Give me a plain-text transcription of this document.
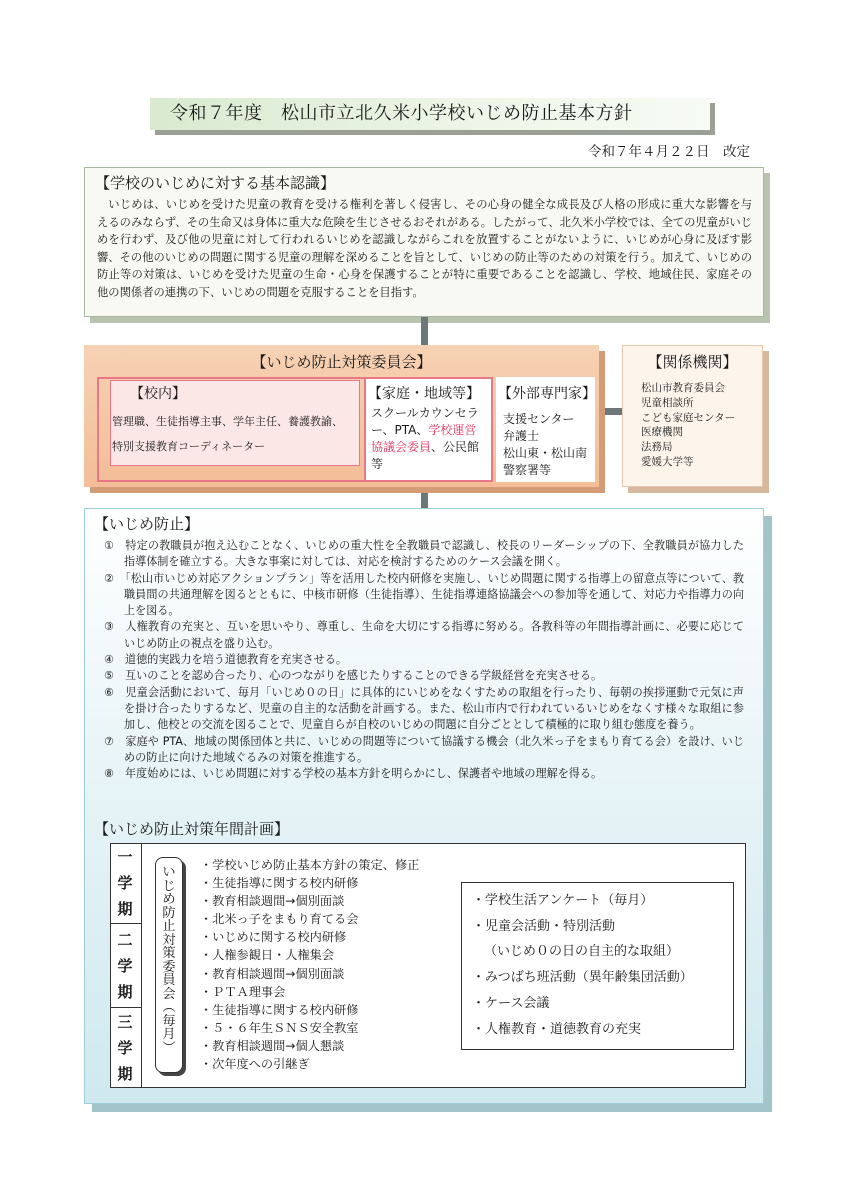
令和７年度　松山市立北久米小学校いじめ防止基本方針
令和７年４月２２日　改定
【学校のいじめに対する基本認識】
いじめは、いじめを受けた児童の教育を受ける権利を著しく侵害し、その心身の健全な成長及び人格の形成に重大な影響を与えるのみならず、その生命又は身体に重大な危険を生じさせるおそれがある。したがって、北久米小学校では、全ての児童がいじめを行わず、及び他の児童に対して行われるいじめを認識しながらこれを放置することがないように、いじめが心身に及ぼす影響、その他のいじめの問題に関する児童の理解を深めることを旨として、いじめの防止等のための対策を行う。加えて、いじめの防止等の対策は、いじめを受けた児童の生命・心身を保護することが特に重要であることを認識し、学校、地域住民、家庭その他の関係者の連携の下、いじめの問題を克服することを目指す。
【いじめ防止対策委員会】
【校内】
管理職、生徒指導主事、学年主任、養護教諭、
特別支援教育コーディネーター
【家庭・地域等】
スクールカウンセラー、PTA、学校運営協議会委員、公民館等
【外部専門家】
支援センター
弁護士
松山東・松山南警察署等
【関係機関】
松山市教育委員会
児童相談所
こども家庭センター
医療機関
法務局
愛媛大学等
【いじめ防止】
①　特定の教職員が抱え込むことなく、いじめの重大性を全教職員で認識し、校長のリーダーシップの下、全教職員が協力した指導体制を確立する。大きな事案に対しては、対応を検討するためのケース会議を開く。
②　「松山市いじめ対応アクションプラン」等を活用した校内研修を実施し、いじめ問題に関する指導上の留意点等について、教職員間の共通理解を図るとともに、中核市研修（生徒指導）、生徒指導連絡協議会への参加等を通して、対応力や指導力の向上を図る。
③　人権教育の充実と、互いを思いやり、尊重し、生命を大切にする指導に努める。各教科等の年間指導計画に、必要に応じていじめ防止の視点を盛り込む。
④　道徳的実践力を培う道徳教育を充実させる。
⑤　互いのことを認め合ったり、心のつながりを感じたりすることのできる学級経営を充実させる。
⑥　児童会活動において、毎月「いじめ０の日」に具体的にいじめをなくすための取組を行ったり、毎朝の挨拶運動で元気に声を掛け合ったりするなど、児童の自主的な活動を計画する。また、松山市内で行われているいじめをなくす様々な取組に参加し、他校との交流を図ることで、児童自らが自校のいじめの問題に自分ごととして積極的に取り組む態度を養う。
⑦　家庭や PTA、地域の関係団体と共に、いじめの問題等について協議する機会（北久米っ子をまもり育てる会）を設け、いじめの防止に向けた地域ぐるみの対策を推進する。
⑧　年度始めには、いじめ問題に対する学校の基本方針を明らかにし、保護者や地域の理解を得る。
【いじめ防止対策年間計画】
一
学
期
二
学
期
三
学
期
い
じ
め
防
止
対
策
委
員
会
︵
毎
月
︶
・学校いじめ防止基本方針の策定、修正
・生徒指導に関する校内研修
・教育相談週間→個別面談
・北米っ子をまもり育てる会
・いじめに関する校内研修
・人権参観日・人権集会
・教育相談週間→個別面談
・ＰＴＡ理事会
・生徒指導に関する校内研修
・５・６年生ＳＮＳ安全教室
・教育相談週間→個人懇談
・次年度への引継ぎ
・学校生活アンケート（毎月）
・児童会活動・特別活動
（いじめ０の日の自主的な取組）
・みつばち班活動（異年齢集団活動）
・ケース会議
・人権教育・道徳教育の充実
